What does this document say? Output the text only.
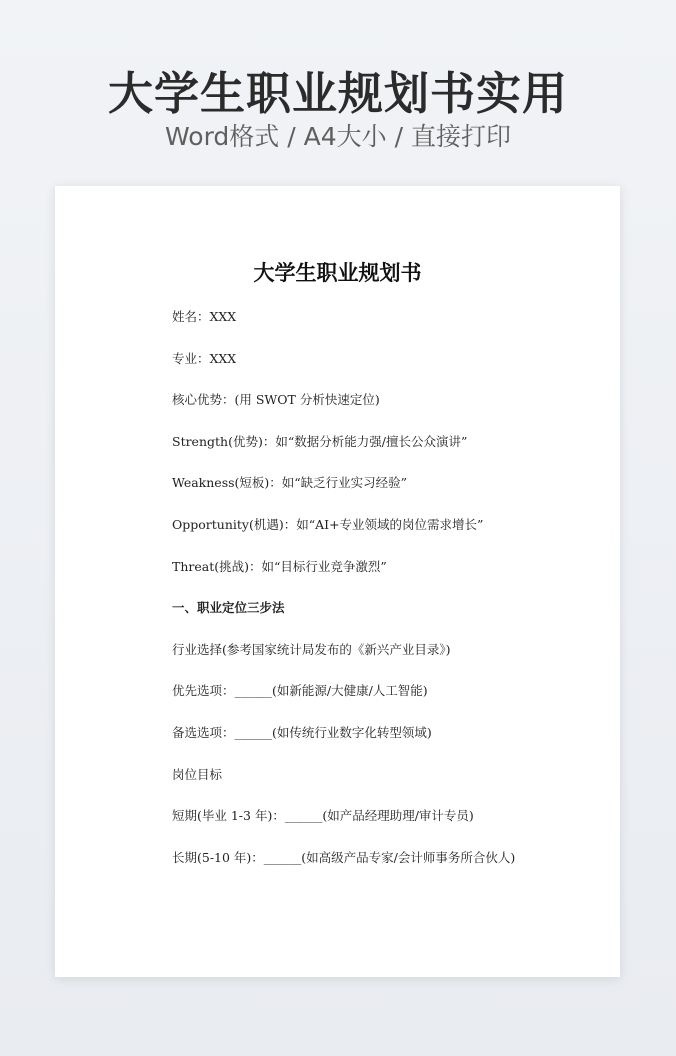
大学生职业规划书实用
Word格式 / A4大小 / 直接打印
大学生职业规划书
姓名：XXX
专业：XXX
核心优势：(用 SWOT 分析快速定位)
Strength(优势)：如“数据分析能力强/擅长公众演讲”
Weakness(短板)：如“缺乏行业实习经验”
Opportunity(机遇)：如“AI+专业领域的岗位需求增长”
Threat(挑战)：如“目标行业竞争激烈”
一、职业定位三步法
行业选择(参考国家统计局发布的《新兴产业目录》)
优先选项：______(如新能源/大健康/人工智能)
备选选项：______(如传统行业数字化转型领域)
岗位目标
短期(毕业 1-3 年)：______(如产品经理助理/审计专员)
长期(5-10 年)：______(如高级产品专家/会计师事务所合伙人)
